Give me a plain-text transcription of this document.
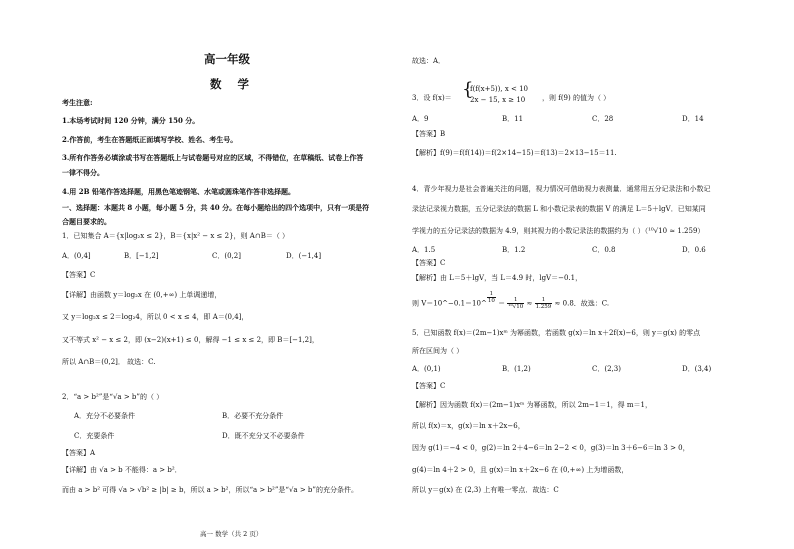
高一年级
数 学
考生注意:
1.本场考试时间 120 分钟，满分 150 分。
2.作答前，考生在答题纸正面填写学校、姓名、考生号。
3.所有作答务必填涂或书写在答题纸上与试卷题号对应的区域，不得错位，在草稿纸、试卷上作答
一律不得分。
4.用 2B 铅笔作答选择题，用黑色笔迹钢笔、水笔或圆珠笔作答非选择题。
一、选择题：本题共 8 小题，每小题 5 分，共 40 分。在每小题给出的四个选项中，只有一项是符
合题目要求的。
1．已知集合 A＝{x|log₂x ≤ 2}，B＝{x|x² − x ≤ 2}，则 A∩B＝（ ）
A．(0,4]	B．[−1,2]	C．(0,2]	D．(−1,4]
【答案】C
【详解】由函数 y＝log₂x 在 (0,+∞) 上单调递增，
又 y＝log₂x ≤ 2＝log₂4，所以 0 < x ≤ 4，即 A＝(0,4]，
又不等式 x² − x ≤ 2，即 (x−2)(x+1) ≤ 0，解得 −1 ≤ x ≤ 2，即 B＝[−1,2]，
所以 A∩B＝(0,2]． 故选：C.
2．“a > b²”是“√a > b”的（ ）
A．充分不必要条件	B．必要不充分条件
C．充要条件	D．既不充分又不必要条件
【答案】A
【详解】由 √a > b 不能得：a > b²．
而由 a > b² 可得 √a > √b² ≥ |b| ≥ b，所以 a > b²，所以“a > b²”是“√a > b”的充分条件。
高一 数学（共 2 页）
故选：A．
3．设 f(x)＝ {
f(f(x+5)), x < 10
2x − 15, x ≥ 10 ，则 f(9) 的值为（ ）
A．9	B．11	C．28	D．14
【答案】B
【解析】f(9)＝f(f(14))＝f(2×14−15)＝f(13)＝2×13−15＝11.
4．青少年视力是社会普遍关注的问题，视力情况可借助视力表测量．通常用五分记录法和小数记
录法记录视力数据，五分记录法的数据 L 和小数记录表的数据 V 的满足 L＝5＋lgV．已知某同
学视力的五分记录法的数据为 4.9，则其视力的小数记录法的数据约为（ ）（¹⁰√10 ≈ 1.259）
A．1.5	B．1.2	C．0.8	D．0.6
【答案】C
【解析】由 L＝5＋lgV，当 L＝4.9 时，lgV＝−0.1，
则 V＝10^−0.1＝10^ $\frac{1}{10} = \frac{1}{\text{¹⁰√10}} \approx \frac{1}{1.259} \approx 0.8$．故选：C.
5．已知函数 f(x)＝(2m−1)xᵐ 为幂函数，若函数 g(x)＝ln x＋2f(x)−6，则 y＝g(x) 的零点
所在区间为（ ）
A．(0,1)	B．(1,2)	C．(2,3)	D．(3,4)
【答案】C
【解析】因为函数 f(x)＝(2m−1)xᵐ 为幂函数，所以 2m−1＝1，得 m＝1，
所以 f(x)＝x，g(x)＝ln x＋2x−6，
因为 g(1)＝−4 < 0，g(2)＝ln 2＋4−6＝ln 2−2 < 0，g(3)＝ln 3＋6−6＝ln 3 > 0，
g(4)＝ln 4＋2 > 0，且 g(x)＝ln x＋2x−6 在 (0,+∞) 上为增函数，
所以 y＝g(x) 在 (2,3) 上有唯一零点．故选：C
